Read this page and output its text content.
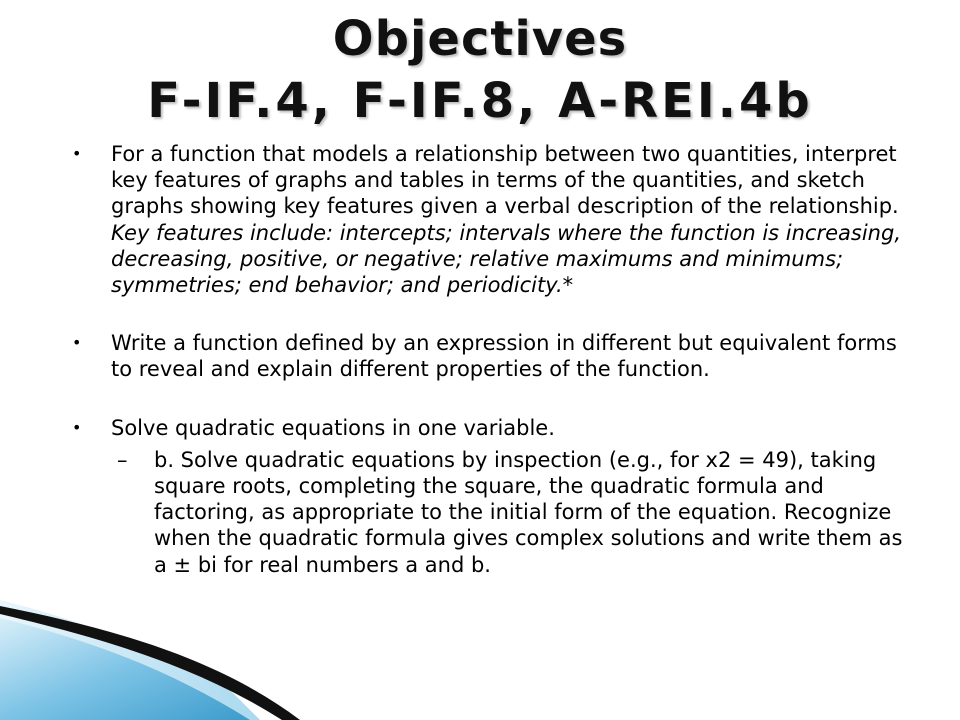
Objectives
F-IF.4, F-IF.8, A-REI.4b
• For a function that models a relationship between two quantities, interpret key features of graphs and tables in terms of the quantities, and sketch graphs showing key features given a verbal description of the relationship. Key features include: intercepts; intervals where the function is increasing, decreasing, positive, or negative; relative maximums and minimums; symmetries; end behavior; and periodicity.*
• Write a function defined by an expression in different but equivalent forms to reveal and explain different properties of the function.
• Solve quadratic equations in one variable.
– b. Solve quadratic equations by inspection (e.g., for x2 = 49), taking square roots, completing the square, the quadratic formula and factoring, as appropriate to the initial form of the equation. Recognize when the quadratic formula gives complex solutions and write them as a ± bi for real numbers a and b.
